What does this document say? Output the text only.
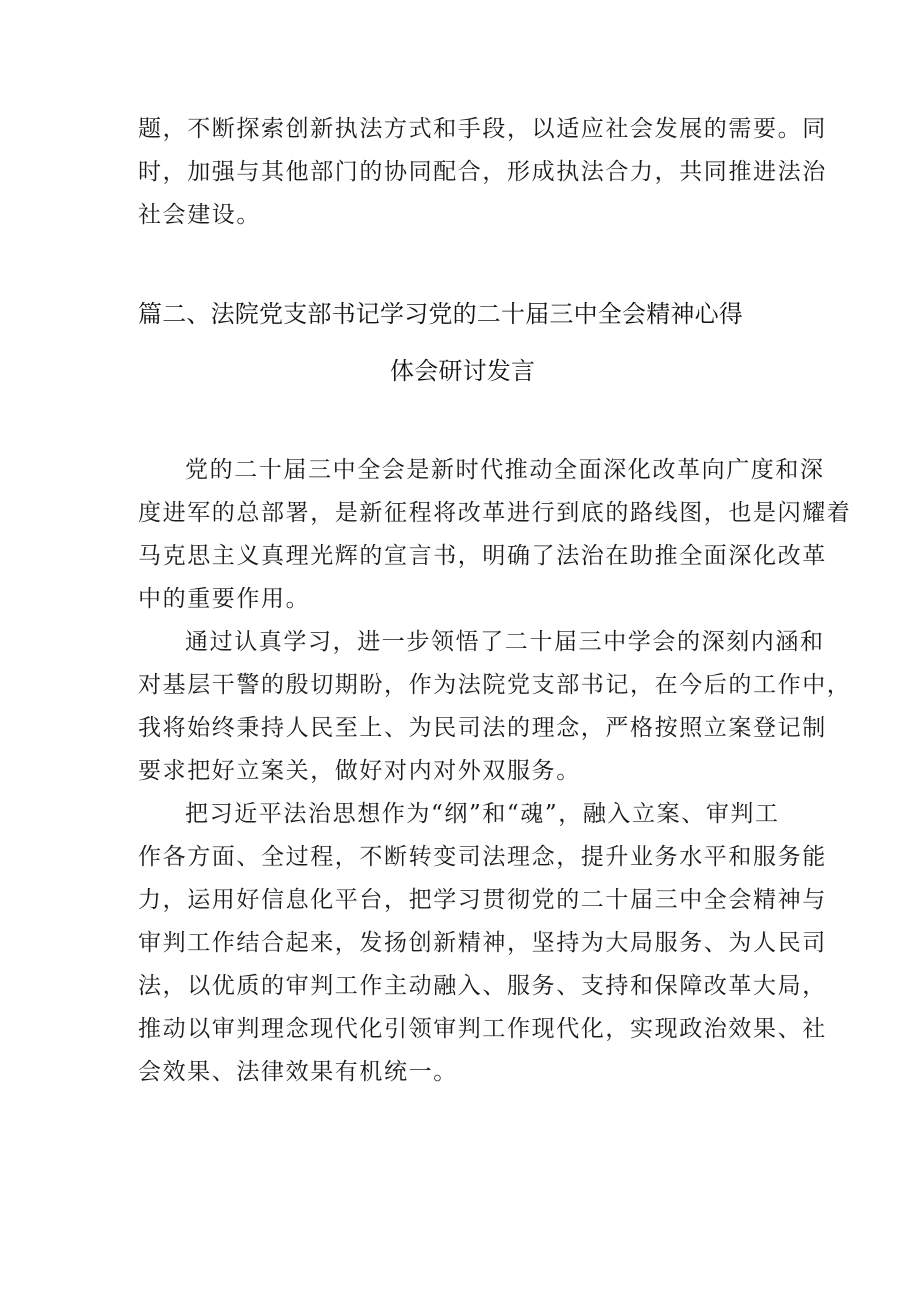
题，不断探索创新执法方式和手段，以适应社会发展的需要。同
时，加强与其他部门的协同配合，形成执法合力，共同推进法治
社会建设。
篇二、法院党支部书记学习党的二十届三中全会精神心得
体会研讨发言
党的二十届三中全会是新时代推动全面深化改革向广度和深
度进军的总部署，是新征程将改革进行到底的路线图，也是闪耀着
马克思主义真理光辉的宣言书，明确了法治在助推全面深化改革
中的重要作用。
通过认真学习，进一步领悟了二十届三中学会的深刻内涵和
对基层干警的殷切期盼，作为法院党支部书记，在今后的工作中，
我将始终秉持人民至上、为民司法的理念，严格按照立案登记制
要求把好立案关，做好对内对外双服务。
把习近平法治思想作为“纲”和“魂”，融入立案、审判工
作各方面、全过程，不断转变司法理念，提升业务水平和服务能
力，运用好信息化平台，把学习贯彻党的二十届三中全会精神与
审判工作结合起来，发扬创新精神，坚持为大局服务、为人民司
法，以优质的审判工作主动融入、服务、支持和保障改革大局，
推动以审判理念现代化引领审判工作现代化，实现政治效果、社
会效果、法律效果有机统一。
